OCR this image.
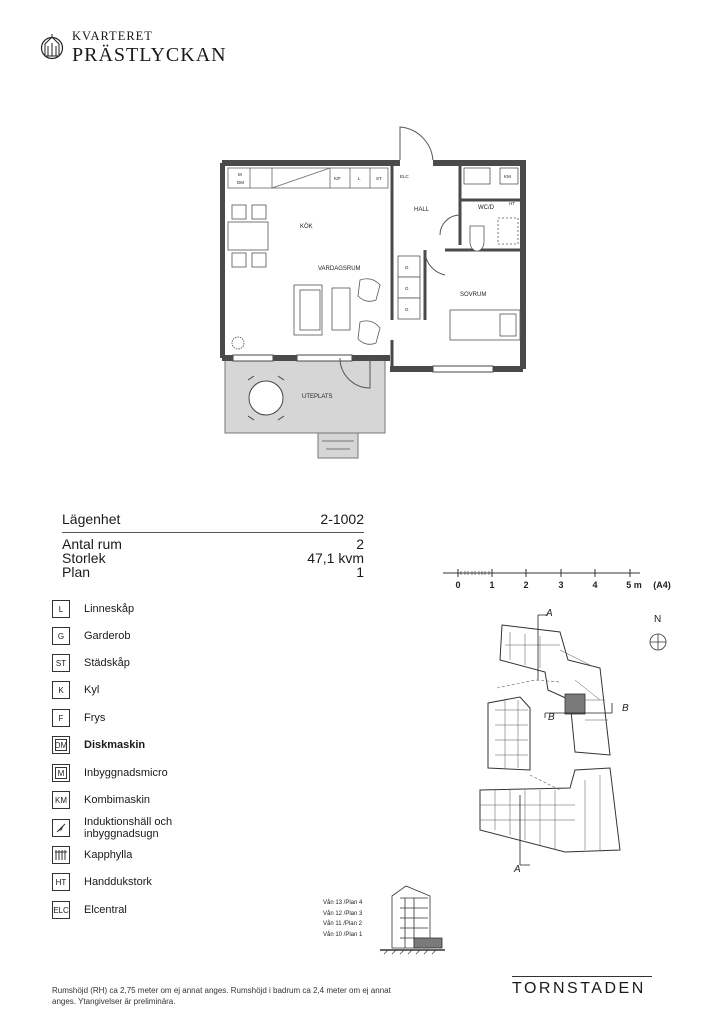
KVARTERET
PRÄSTLYCKAN
KÖK
VARDAGSRUM
HALL	WC/D
SOVRUM
UTEPLATS
M
DM
K/F	L	ST	ELC	KM
HT
G
G
G
Lägenhet	2-1002
Antal rum	2
Storlek	47,1 kvm
Plan	1
0	1	2	3	4	5 m (A4)
L	Linneskåp
G	Garderob
ST	Städskåp
K	Kyl
F	Frys
DM Diskmaskin
M	Inbyggnadsmicro
KM Kombimaskin
Induktionshäll och inbyggnadsugn
Kapphylla
HT	Handdukstork
ELC Elcentral
A
A
B
B
N
Vån 13 /Plan 4
Vån 12 /Plan 3
Vån 11 /Plan 2
Vån 10 /Plan 1
Rumshöjd (RH) ca 2,75 meter om ej annat anges. Rumshöjd i badrum ca 2,4 meter om ej annat anges. Ytangivelser är preliminära.
TORNSTADEN
